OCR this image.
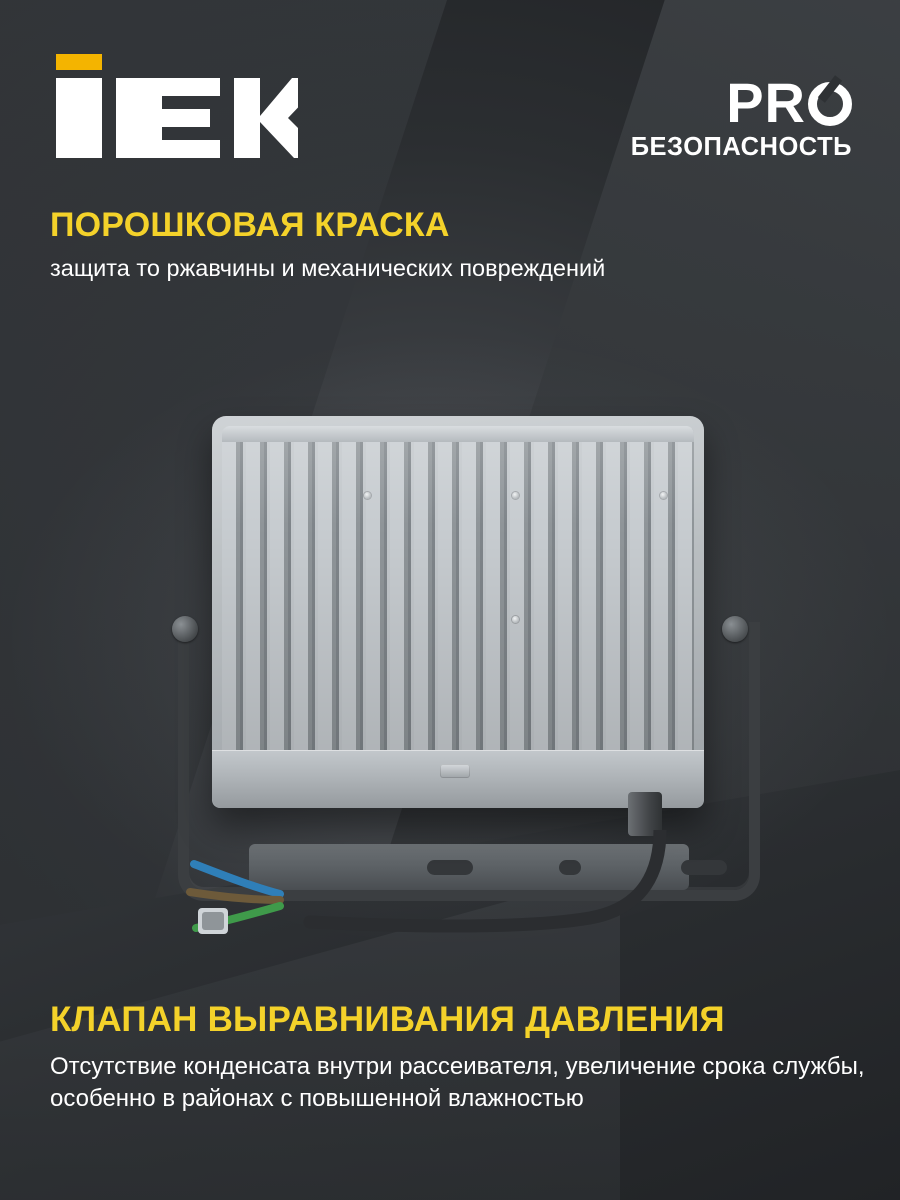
PR
БЕЗОПАСНОСТЬ
ПОРОШКОВАЯ КРАСКА

защита то ржавчины и механических повреждений

КЛАПАН ВЫРАВНИВАНИЯ ДАВЛЕНИЯ

Отсутствие конденсата внутри рассеивателя, увеличение срока службы, особенно в районах с повышенной влажностью
